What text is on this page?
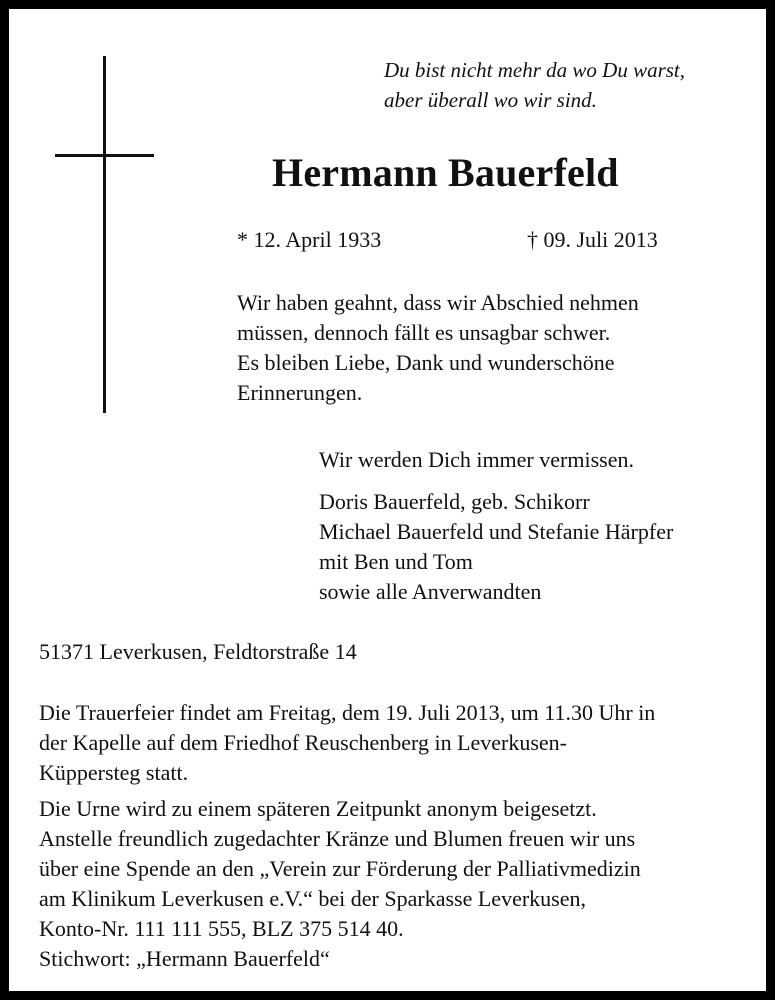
Du bist nicht mehr da wo Du warst,
aber überall wo wir sind.
Hermann Bauerfeld
* 12. April 1933	† 09. Juli 2013
Wir haben geahnt, dass wir Abschied nehmen
müssen, dennoch fällt es unsagbar schwer.
Es bleiben Liebe, Dank und wunderschöne
Erinnerungen.
Wir werden Dich immer vermissen.
Doris Bauerfeld, geb. Schikorr
Michael Bauerfeld und Stefanie Härpfer
mit Ben und Tom
sowie alle Anverwandten
51371 Leverkusen, Feldtorstraße 14
Die Trauerfeier findet am Freitag, dem 19. Juli 2013, um 11.30 Uhr in
der Kapelle auf dem Friedhof Reuschenberg in Leverkusen-
Küppersteg statt.
Die Urne wird zu einem späteren Zeitpunkt anonym beigesetzt.
Anstelle freundlich zugedachter Kränze und Blumen freuen wir uns
über eine Spende an den „Verein zur Förderung der Palliativmedizin
am Klinikum Leverkusen e.V.“ bei der Sparkasse Leverkusen,
Konto-Nr. 111 111 555, BLZ 375 514 40.
Stichwort: „Hermann Bauerfeld“
